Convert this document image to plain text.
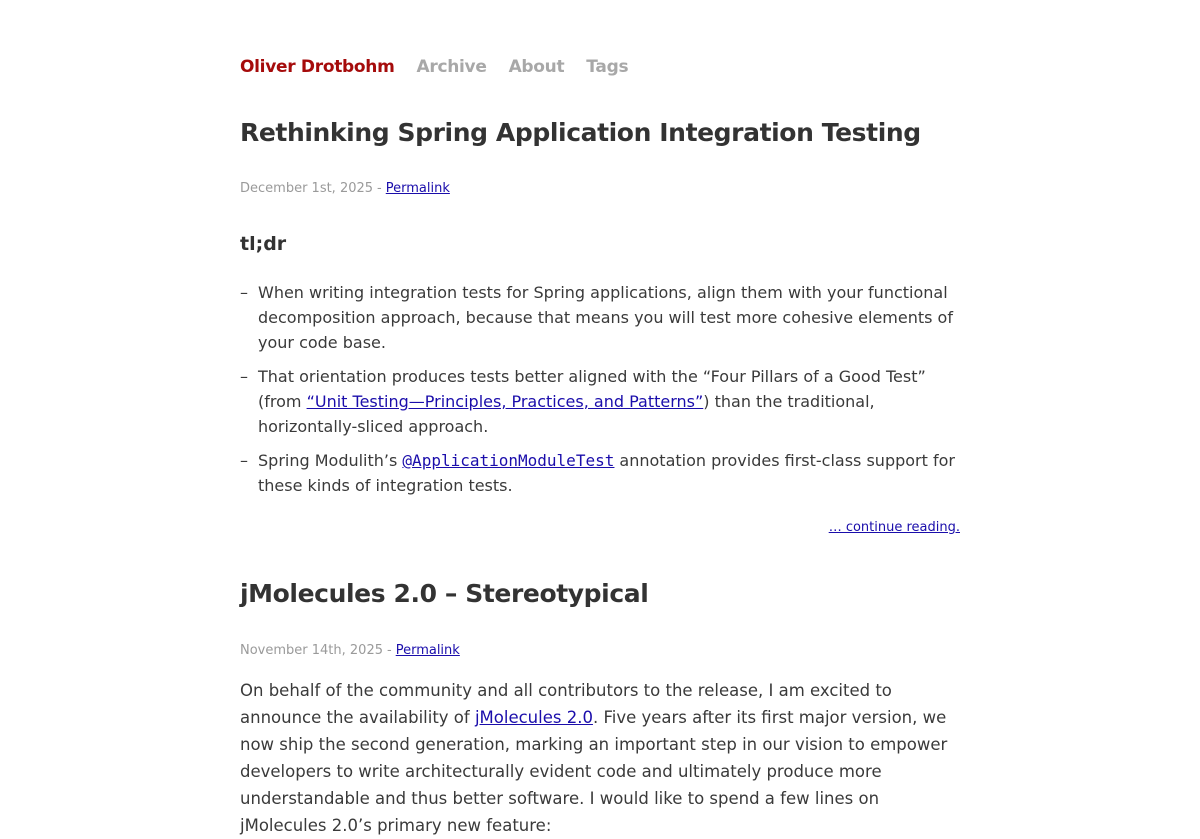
Oliver Drotbohm Archive About Tags
Rethinking Spring Application Integration Testing
December 1st, 2025 - Permalink
tl;dr
– When writing integration tests for Spring applications, align them with your functional decomposition approach, because that means you will test more cohesive elements of your code base.
– That orientation produces tests better aligned with the “Four Pillars of a Good Test” (from “Unit Testing—Principles, Practices, and Patterns”) than the traditional, horizontally-sliced approach.
– Spring Modulith’s @ApplicationModuleTest annotation provides first-class support for these kinds of integration tests.
… continue reading.
jMolecules 2.0 – Stereotypical
November 14th, 2025 - Permalink

On behalf of the community and all contributors to the release, I am excited to announce the availability of jMolecules 2.0. Five years after its first major version, we now ship the second generation, marking an important step in our vision to empower developers to write architecturally evident code and ultimately produce more understandable and thus better software. I would like to spend a few lines on jMolecules 2.0’s primary new feature:
